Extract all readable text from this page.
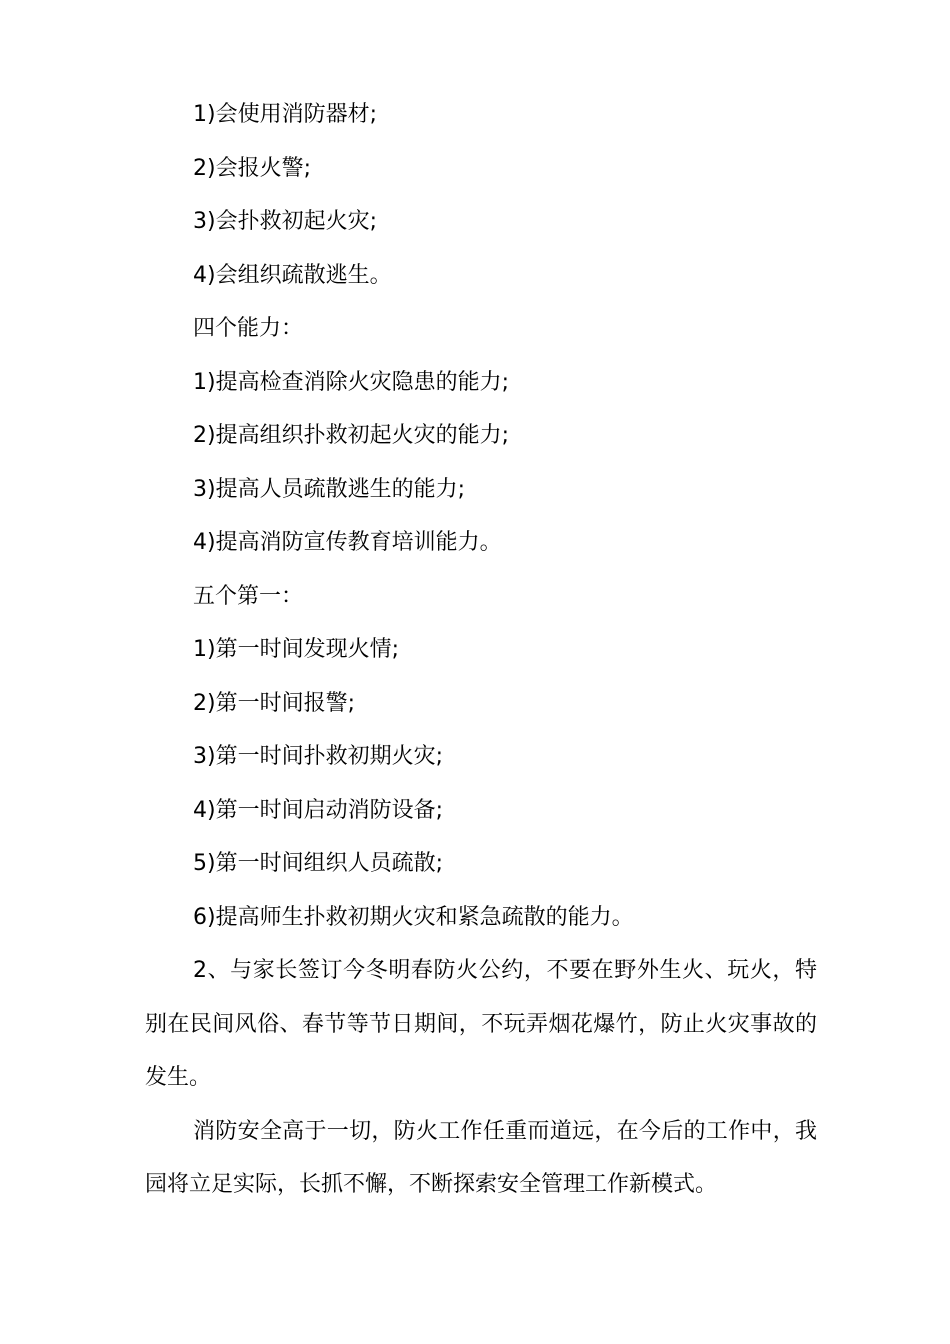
1)会使用消防器材;

2)会报火警;

3)会扑救初起火灾;

4)会组织疏散逃生。

四个能力：

1)提高检查消除火灾隐患的能力;

2)提高组织扑救初起火灾的能力;

3)提高人员疏散逃生的能力;

4)提高消防宣传教育培训能力。

五个第一：

1)第一时间发现火情;

2)第一时间报警;

3)第一时间扑救初期火灾;

4)第一时间启动消防设备;

5)第一时间组织人员疏散;

6)提高师生扑救初期火灾和紧急疏散的能力。

2、与家长签订今冬明春防火公约，不要在野外生火、玩火，特别在民间风俗、春节等节日期间，不玩弄烟花爆竹，防止火灾事故的发生。

消防安全高于一切，防火工作任重而道远，在今后的工作中，我园将立足实际，长抓不懈，不断探索安全管理工作新模式。
